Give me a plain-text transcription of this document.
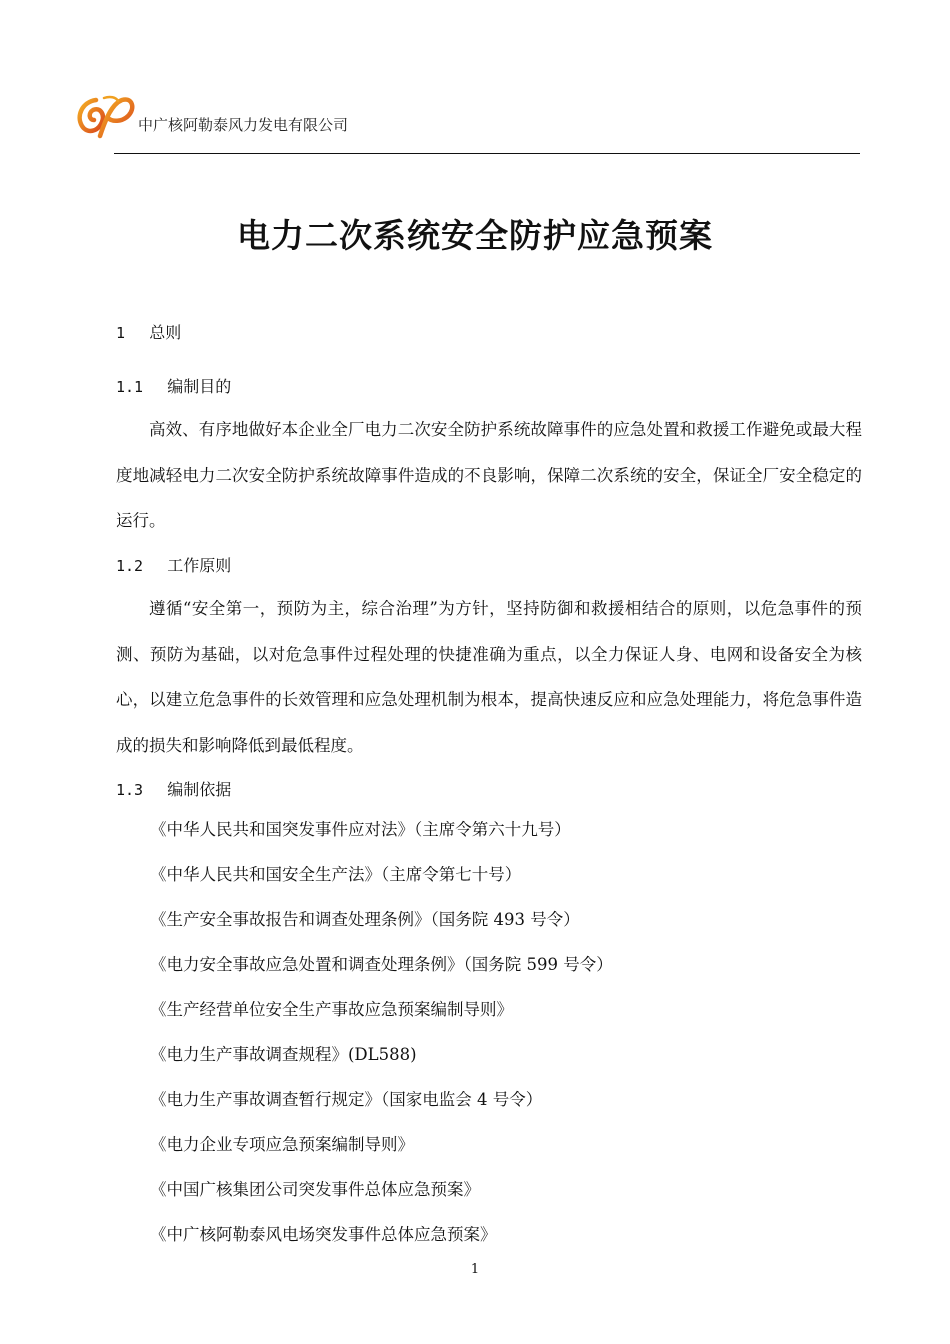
中广核阿勒泰风力发电有限公司
电力二次系统安全防护应急预案
1 总则
1.1 编制目的

高效、有序地做好本企业全厂电力二次安全防护系统故障事件的应急处置和救援工作避免或最大程度地减轻电力二次安全防护系统故障事件造成的不良影响，保障二次系统的安全，保证全厂安全稳定的运行。

1.2 工作原则

遵循“安全第一，预防为主，综合治理”为方针，坚持防御和救援相结合的原则，以危急事件的预测、预防为基础，以对危急事件过程处理的快捷准确为重点，以全力保证人身、电网和设备安全为核心，以建立危急事件的长效管理和应急处理机制为根本，提高快速反应和应急处理能力，将危急事件造成的损失和影响降低到最低程度。

1.3 编制依据
《中华人民共和国突发事件应对法》（主席令第六十九号）
《中华人民共和国安全生产法》（主席令第七十号）
《生产安全事故报告和调查处理条例》（国务院 493 号令）
《电力安全事故应急处置和调查处理条例》（国务院 599 号令）
《生产经营单位安全生产事故应急预案编制导则》
《电力生产事故调查规程》(DL588)
《电力生产事故调查暂行规定》（国家电监会 4 号令）
《电力企业专项应急预案编制导则》
《中国广核集团公司突发事件总体应急预案》
《中广核阿勒泰风电场突发事件总体应急预案》
1
